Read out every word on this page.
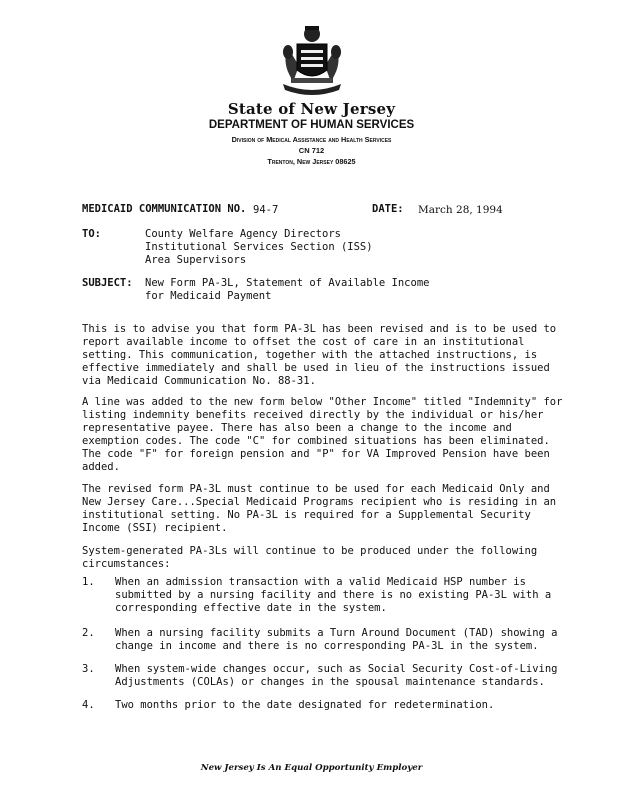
State of New Jersey
DEPARTMENT OF HUMAN SERVICES
Division of Medical Assistance and Health Services
CN 712
Trenton, New Jersey 08625
MEDICAID COMMUNICATION NO. 94-7	DATE: March 28, 1994
TO:	County Welfare Agency Directors
Institutional Services Section (ISS)
Area Supervisors
SUBJECT: New Form PA-3L, Statement of Available Income
for Medicaid Payment
This is to advise you that form PA-3L has been revised and is to be used to
report available income to offset the cost of care in an institutional
setting. This communication, together with the attached instructions, is
effective immediately and shall be used in lieu of the instructions issued
via Medicaid Communication No. 88-31.
A line was added to the new form below "Other Income" titled "Indemnity" for
listing indemnity benefits received directly by the individual or his/her
representative payee. There has also been a change to the income and
exemption codes. The code "C" for combined situations has been eliminated.
The code "F" for foreign pension and "P" for VA Improved Pension have been
added.
The revised form PA-3L must continue to be used for each Medicaid Only and
New Jersey Care...Special Medicaid Programs recipient who is residing in an
institutional setting. No PA-3L is required for a Supplemental Security
Income (SSI) recipient.
System-generated PA-3Ls will continue to be produced under the following
circumstances:
1. When an admission transaction with a valid Medicaid HSP number is
submitted by a nursing facility and there is no existing PA-3L with a
corresponding effective date in the system.
2. When a nursing facility submits a Turn Around Document (TAD) showing a
change in income and there is no corresponding PA-3L in the system.
3. When system-wide changes occur, such as Social Security Cost-of-Living
Adjustments (COLAs) or changes in the spousal maintenance standards.
4. Two months prior to the date designated for redetermination.
New Jersey Is An Equal Opportunity Employer
